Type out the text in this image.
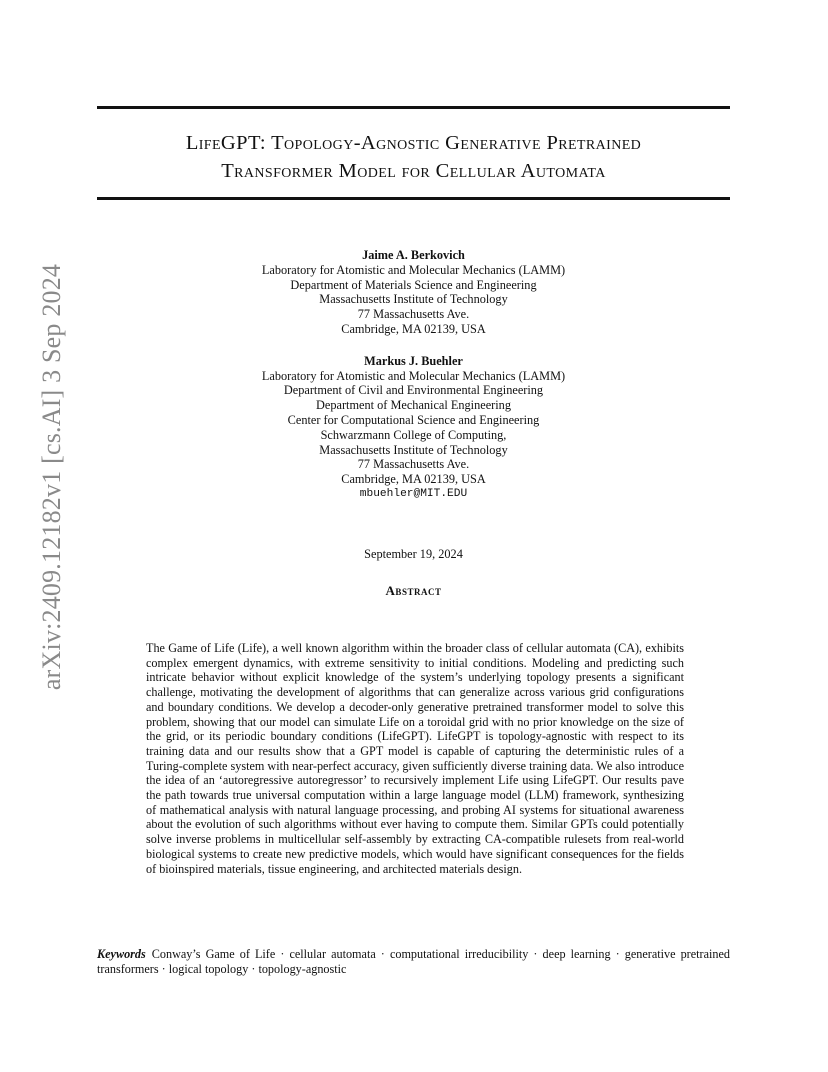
arXiv:2409.12182v1 [cs.AI] 3 Sep 2024
LifeGPT: Topology-Agnostic Generative Pretrained
Transformer Model for Cellular Automata
Jaime A. Berkovich
Laboratory for Atomistic and Molecular Mechanics (LAMM)
Department of Materials Science and Engineering
Massachusetts Institute of Technology
77 Massachusetts Ave.
Cambridge, MA 02139, USA
Markus J. Buehler
Laboratory for Atomistic and Molecular Mechanics (LAMM)
Department of Civil and Environmental Engineering
Department of Mechanical Engineering
Center for Computational Science and Engineering
Schwarzmann College of Computing,
Massachusetts Institute of Technology
77 Massachusetts Ave.
Cambridge, MA 02139, USA
mbuehler@MIT.EDU
September 19, 2024
Abstract
The Game of Life (Life), a well known algorithm within the broader class of cellular automata (CA), exhibits complex emergent dynamics, with extreme sensitivity to initial conditions. Modeling and predicting such intricate behavior without explicit knowledge of the system’s underlying topology presents a significant challenge, motivating the development of algorithms that can generalize across various grid configurations and boundary conditions. We develop a decoder-only generative pretrained transformer model to solve this problem, showing that our model can simulate Life on a toroidal grid with no prior knowledge on the size of the grid, or its periodic boundary conditions (LifeGPT). LifeGPT is topology-agnostic with respect to its training data and our results show that a GPT model is capable of capturing the deterministic rules of a Turing-complete system with near-perfect accuracy, given sufficiently diverse training data. We also introduce the idea of an ‘autoregressive autoregressor’ to recursively implement Life using LifeGPT. Our results pave the path towards true universal computation within a large language model (LLM) framework, synthesizing of mathematical analysis with natural language processing, and probing AI systems for situational awareness about the evolution of such algorithms without ever having to compute them. Similar GPTs could potentially solve inverse problems in multicellular self-assembly by extracting CA-compatible rulesets from real-world biological systems to create new predictive models, which would have significant consequences for the fields of bioinspired materials, tissue engineering, and architected materials design.
Keywords Conway’s Game of Life · cellular automata · computational irreducibility · deep learning · generative pretrained transformers · logical topology · topology-agnostic
